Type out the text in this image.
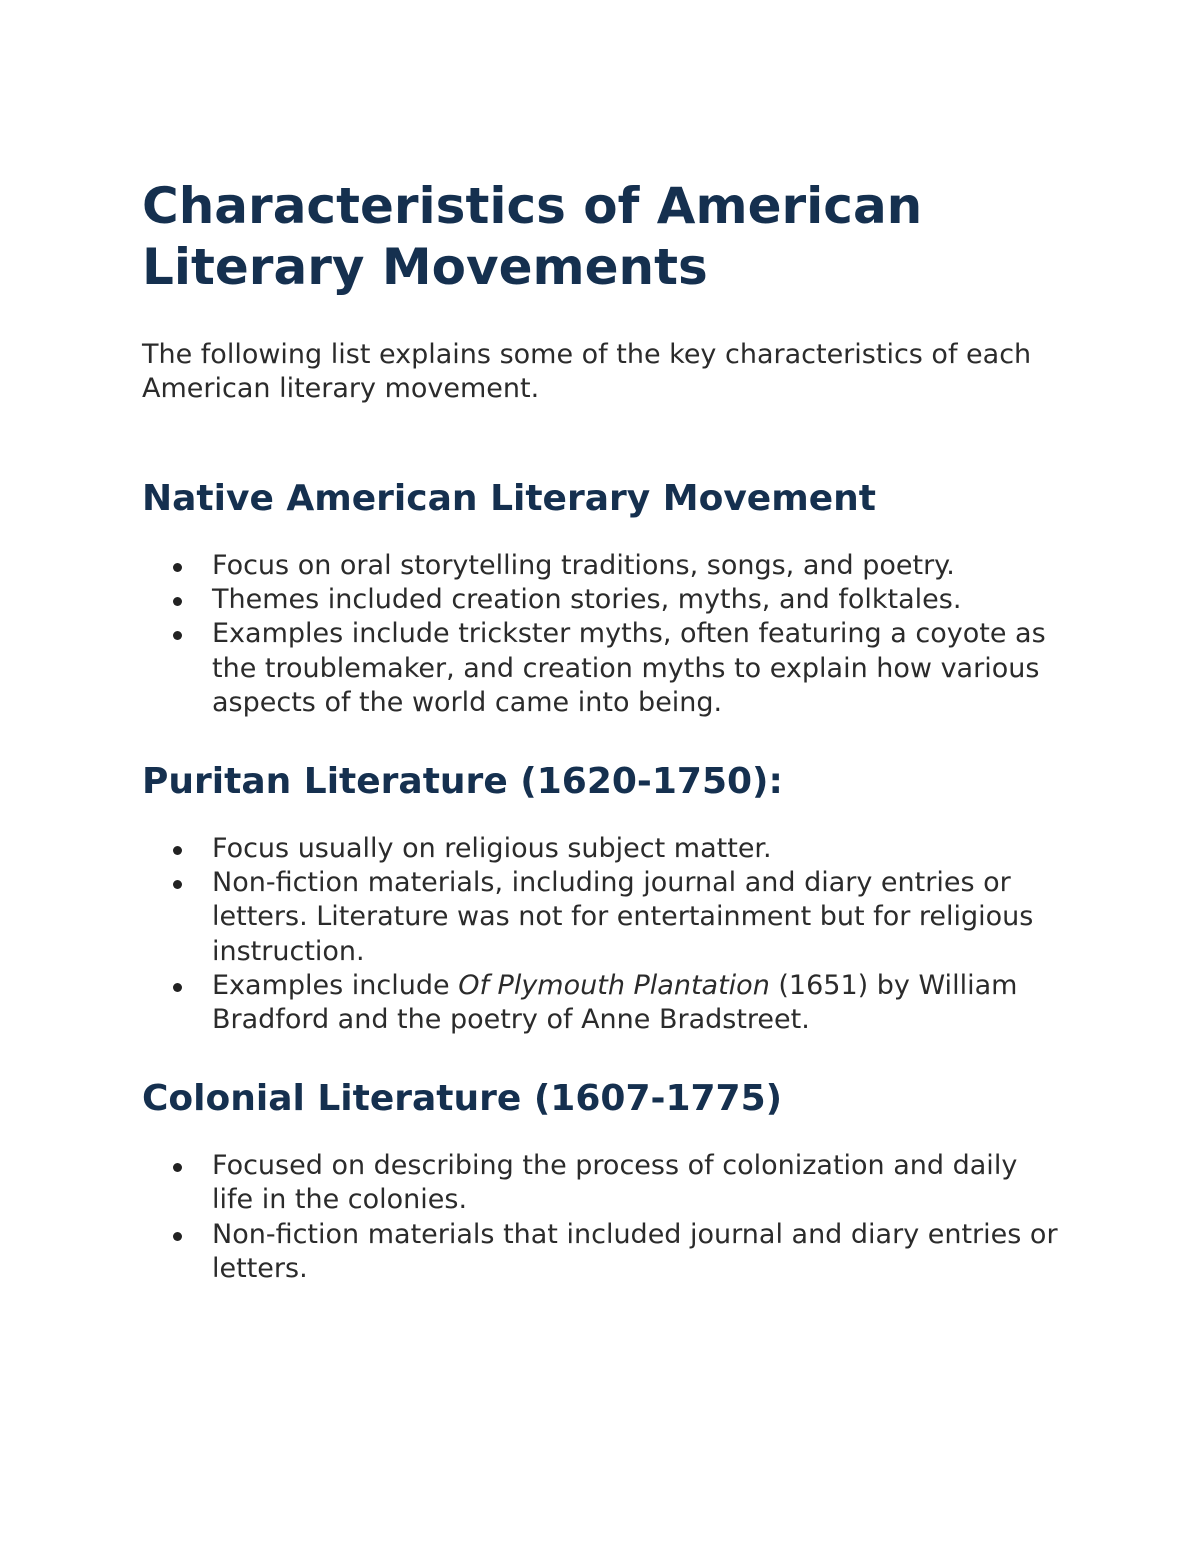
Characteristics of American Literary Movements

The following list explains some of the key characteristics of each American literary movement.

Native American Literary Movement
Focus on oral storytelling traditions, songs, and poetry.
Themes included creation stories, myths, and folktales.
Examples include trickster myths, often featuring a coyote as the troublemaker, and creation myths to explain how various aspects of the world came into being.
Puritan Literature (1620-1750):
Focus usually on religious subject matter.
Non-fiction materials, including journal and diary entries or letters. Literature was not for entertainment but for religious instruction.
Examples include Of Plymouth Plantation (1651) by William Bradford and the poetry of Anne Bradstreet.
Colonial Literature (1607-1775)
Focused on describing the process of colonization and daily life in the colonies.
Non-fiction materials that included journal and diary entries or letters.
